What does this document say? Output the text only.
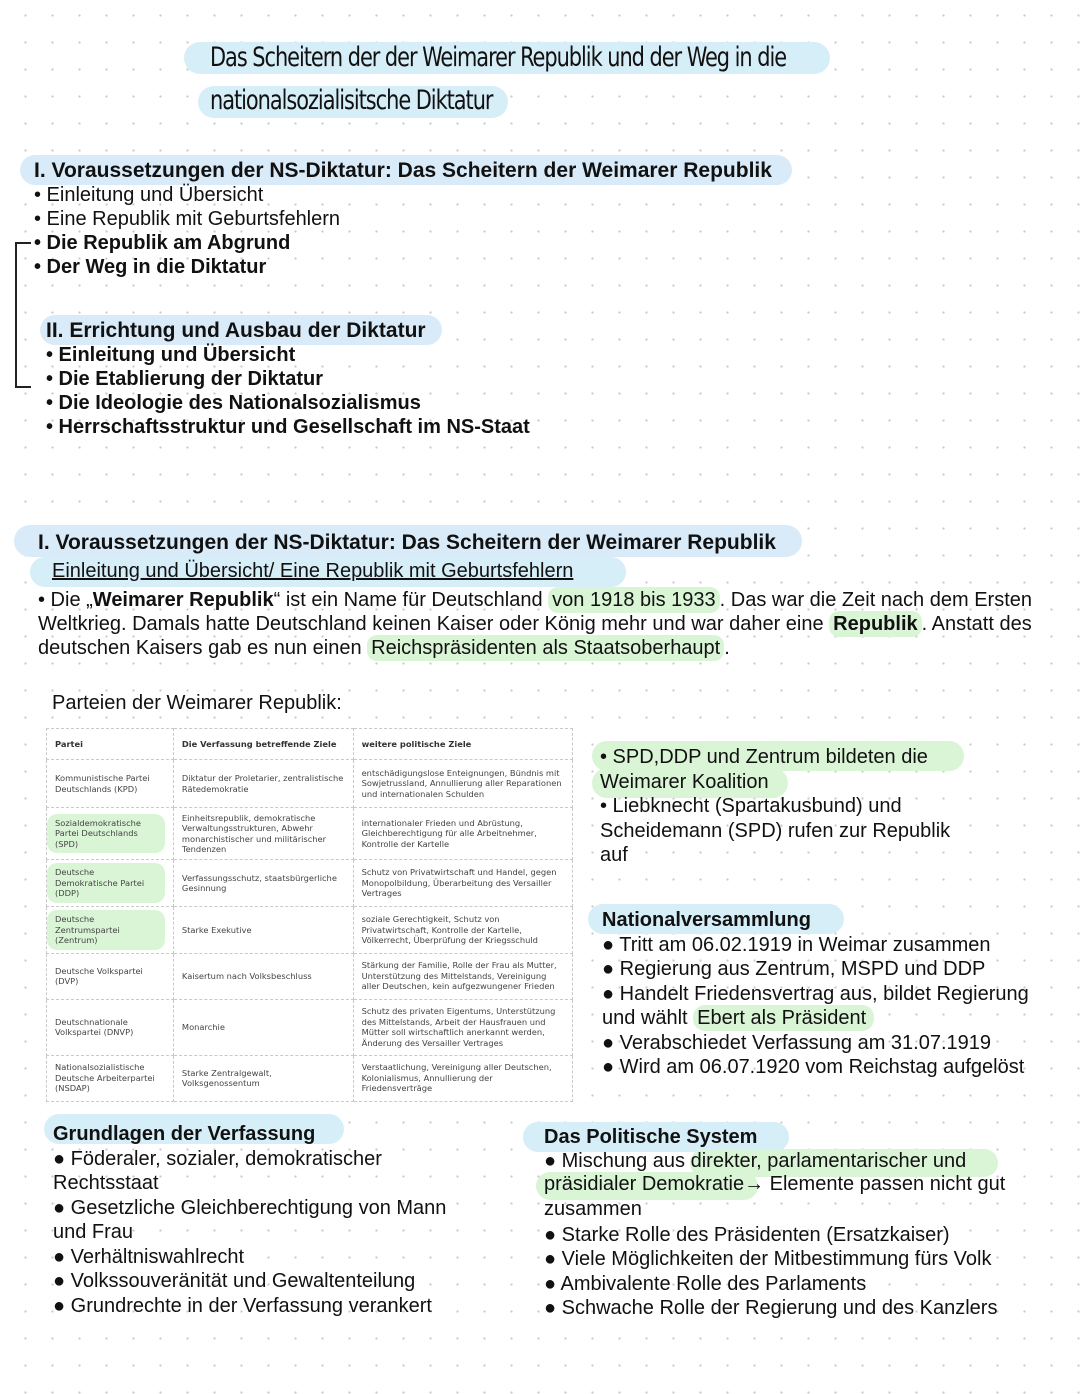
Das Scheitern der der Weimarer Republik und der Weg in die
nationalsozialisitsche Diktatur
I. Voraussetzungen der NS-Diktatur: Das Scheitern der Weimarer Republik
• Einleitung und Übersicht
• Eine Republik mit Geburtsfehlern
• Die Republik am Abgrund
• Der Weg in die Diktatur
II. Errichtung und Ausbau der Diktatur
• Einleitung und Übersicht
• Die Etablierung der Diktatur
• Die Ideologie des Nationalsozialismus
• Herrschaftsstruktur und Gesellschaft im NS-Staat
I. Voraussetzungen der NS-Diktatur: Das Scheitern der Weimarer Republik
Einleitung und Übersicht/ Eine Republik mit Geburtsfehlern
• Die „Weimarer Republik“ ist ein Name für Deutschland von 1918 bis 1933 . Das war die Zeit nach dem Ersten Weltkrieg. Damals hatte Deutschland keinen Kaiser oder König mehr und war daher eine Republik . Anstatt des deutschen Kaisers gab es nun einen Reichspräsidenten als Staatsoberhaupt .
Parteien der Weimarer Republik:
Partei	Die Verfassung betreffende Ziele	weitere politische Ziele
Kommunistische Partei Deutschlands (KPD)	Diktatur der Proletarier, zentralistische Rätedemokratie	entschädigungslose Enteignungen, Bündnis mit Sowjetrussland, Annullierung aller Reparationen und internationalen Schulden
Sozialdemokratische Partei Deutschlands (SPD)	Einheitsrepublik, demokratische Verwaltungsstrukturen, Abwehr monarchistischer und militärischer Tendenzen	internationaler Frieden und Abrüstung, Gleichberechtigung für alle Arbeitnehmer, Kontrolle der Kartelle
Deutsche Demokratische Partei (DDP)	Verfassungsschutz, staatsbürgerliche Gesinnung	Schutz von Privatwirtschaft und Handel, gegen Monopolbildung, Überarbeitung des Versailler Vertrages
Deutsche Zentrumspartei (Zentrum)	Starke Exekutive	soziale Gerechtigkeit, Schutz von Privatwirtschaft, Kontrolle der Kartelle, Völkerrecht, Überprüfung der Kriegsschuld
Deutsche Volkspartei (DVP)	Kaisertum nach Volksbeschluss	Stärkung der Familie, Rolle der Frau als Mutter, Unterstützung des Mittelstands, Vereinigung aller Deutschen, kein aufgezwungener Frieden
Deutschnationale Volkspartei (DNVP)	Monarchie	Schutz des privaten Eigentums, Unterstützung des Mittelstands, Arbeit der Hausfrauen und Mütter soll wirtschaftlich anerkannt werden, Änderung des Versailler Vertrages
Nationalsozialistische Deutsche Arbeiterpartei (NSDAP)	Starke Zentralgewalt, Volksgenossentum	Verstaatlichung, Vereinigung aller Deutschen, Kolonialismus, Annullierung der Friedensverträge
• SPD,DDP und Zentrum bildeten die
Weimarer Koalition
• Liebknecht (Spartakusbund) und
Scheidemann (SPD) rufen zur Republik
auf
Nationalversammlung
● Tritt am 06.02.1919 in Weimar zusammen
● Regierung aus Zentrum, MSPD und DDP
● Handelt Friedensvertrag aus, bildet Regierung
und wählt Ebert als Präsident
● Verabschiedet Verfassung am 31.07.1919
● Wird am 06.07.1920 vom Reichstag aufgelöst
Grundlagen der Verfassung
● Föderaler, sozialer, demokratischer
Rechtsstaat
● Gesetzliche Gleichberechtigung von Mann
und Frau
● Verhältniswahlrecht
● Volkssouveränität und Gewaltenteilung
● Grundrechte in der Verfassung verankert
Das Politische System
● Mischung aus direkter, parlamentarischer und
präsidialer Demokratie→ Elemente passen nicht gut
zusammen
● Starke Rolle des Präsidenten (Ersatzkaiser)
● Viele Möglichkeiten der Mitbestimmung fürs Volk
● Ambivalente Rolle des Parlaments
● Schwache Rolle der Regierung und des Kanzlers
